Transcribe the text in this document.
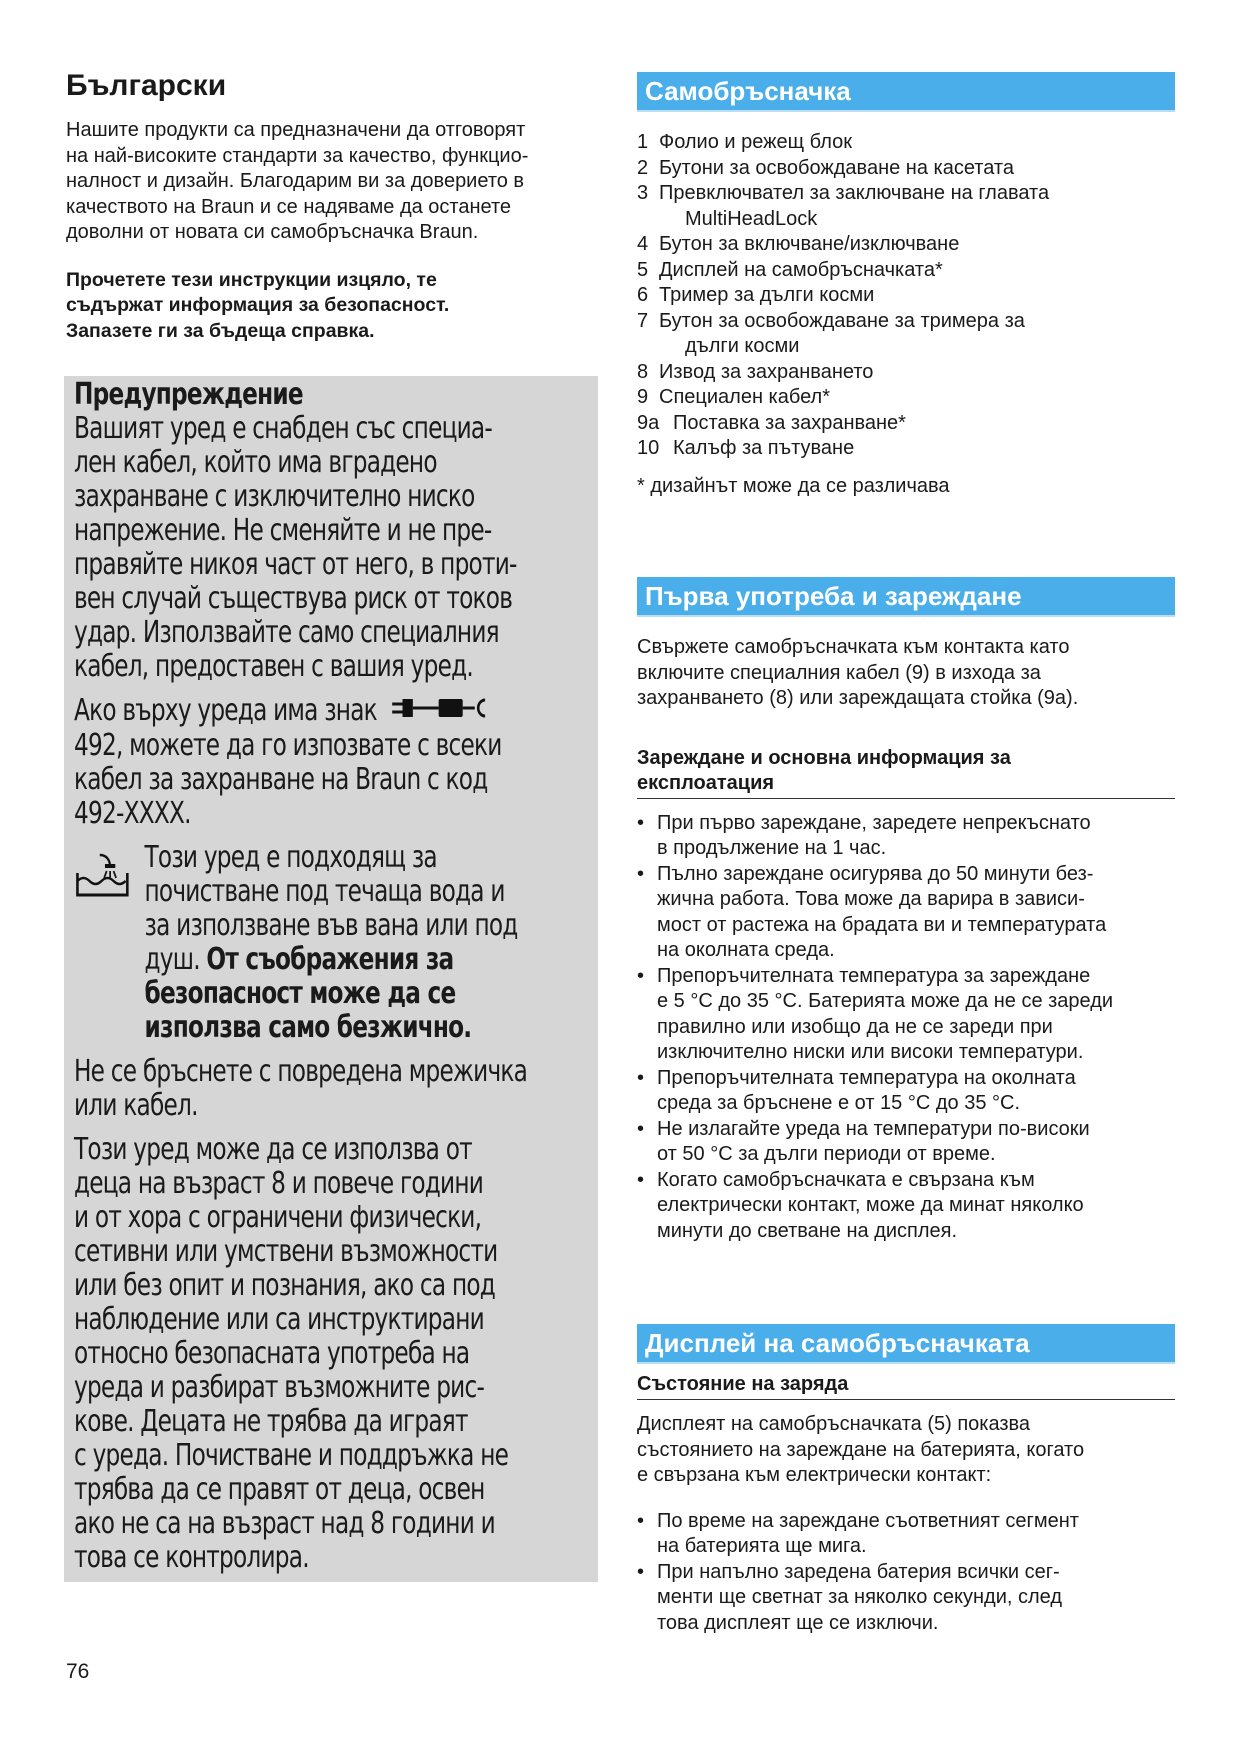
Български

Нашите продукти са предназначени да отговорят
на най-високите стандарти за качество, функцио-
налност и дизайн. Благодарим ви за доверието в
качеството на Braun и се надяваме да останете
доволни от новата си самобръсначка Braun.

Прочетете тези инструкции изцяло, те
съдържат информация за безопасност.
Запазете ги за бъдеща справка.

Предупреждение
Вашият уред е снабден със специа-
лен кабел, който има вградено
захранване с изключително ниско
напрежение. Не сменяйте и не пре-
правяйте никоя част от него, в проти-
вен случай съществува риск от токов
удар. Използвайте само специалния
кабел, предоставен с вашия уред.
Ако върху уреда има знак
492, можете да го изпозвате с всеки
кабел за захранване на Braun с код
492-XXXX.
Този уред е подходящ за
почистване под течаща вода и
за използване във вана или под
душ. От съображения за
безопасност може да се
използва само безжично.
Не се бръснете с повредена мрежичка
или кабел.
Този уред може да се използва от
деца на възраст 8 и повече години
и от хора с ограничени физически,
сетивни или умствени възможности
или без опит и познания, ако са под
наблюдение или са инструктирани
относно безопасната употреба на
уреда и разбират възможните рис-
кове. Децата не трябва да играят
с уреда. Почистване и поддръжка не
трябва да се правят от деца, освен
ако не са на възраст над 8 години и
това се контролира.
Самобръсначка
1 Фолио и режещ блок
2 Бутони за освобождаване на касетата
3 Превключвател за заключване на главата
MultiHeadLock
4 Бутон за включване/изключване
5 Дисплей на самобръсначката*
6 Тример за дълги косми
7 Бутон за освобождаване за тримера за
дълги косми
8 Извод за захранването
9 Специален кабел*
9а Поставка за захранване*
10 Калъф за пътуване

* дизайнът може да се различава

Първа употреба и зареждане

Свържете самобръсначката към контакта като
включите специалния кабел (9) в изхода за
захранването (8) или зареждащата стойка (9а).

Зареждане и основна информация за
експлоатация

• При първо зареждане, заредете непрекъснато
в продължение на 1 час.
• Пълно зареждане осигурява до 50 минути без-
жична работа. Това може да варира в зависи-
мост от растежа на брадата ви и температурата
на околната среда.
• Препоръчителната температура за зареждане
е 5 °C до 35 °C. Батерията може да не се зареди
правилно или изобщо да не се зареди при
изключително ниски или високи температури.
• Препоръчителната температура на околната
среда за бръснене е от 15 °C до 35 °C.
• Не излагайте уреда на температури по-високи
от 50 °C за дълги периоди от време.
• Когато самобръсначката е свързана към
електрически контакт, може да минат няколко
минути до светване на дисплея.
Дисплей на самобръсначката

Състояние на заряда

Дисплеят на самобръсначката (5) показва
състоянието на зареждане на батерията, когато
е свързана към електрически контакт:

• По време на зареждане съответният сегмент
на батерията ще мига.
• При напълно заредена батерия всички сег-
менти ще светнат за няколко секунди, след
това дисплеят ще се изключи.
76
